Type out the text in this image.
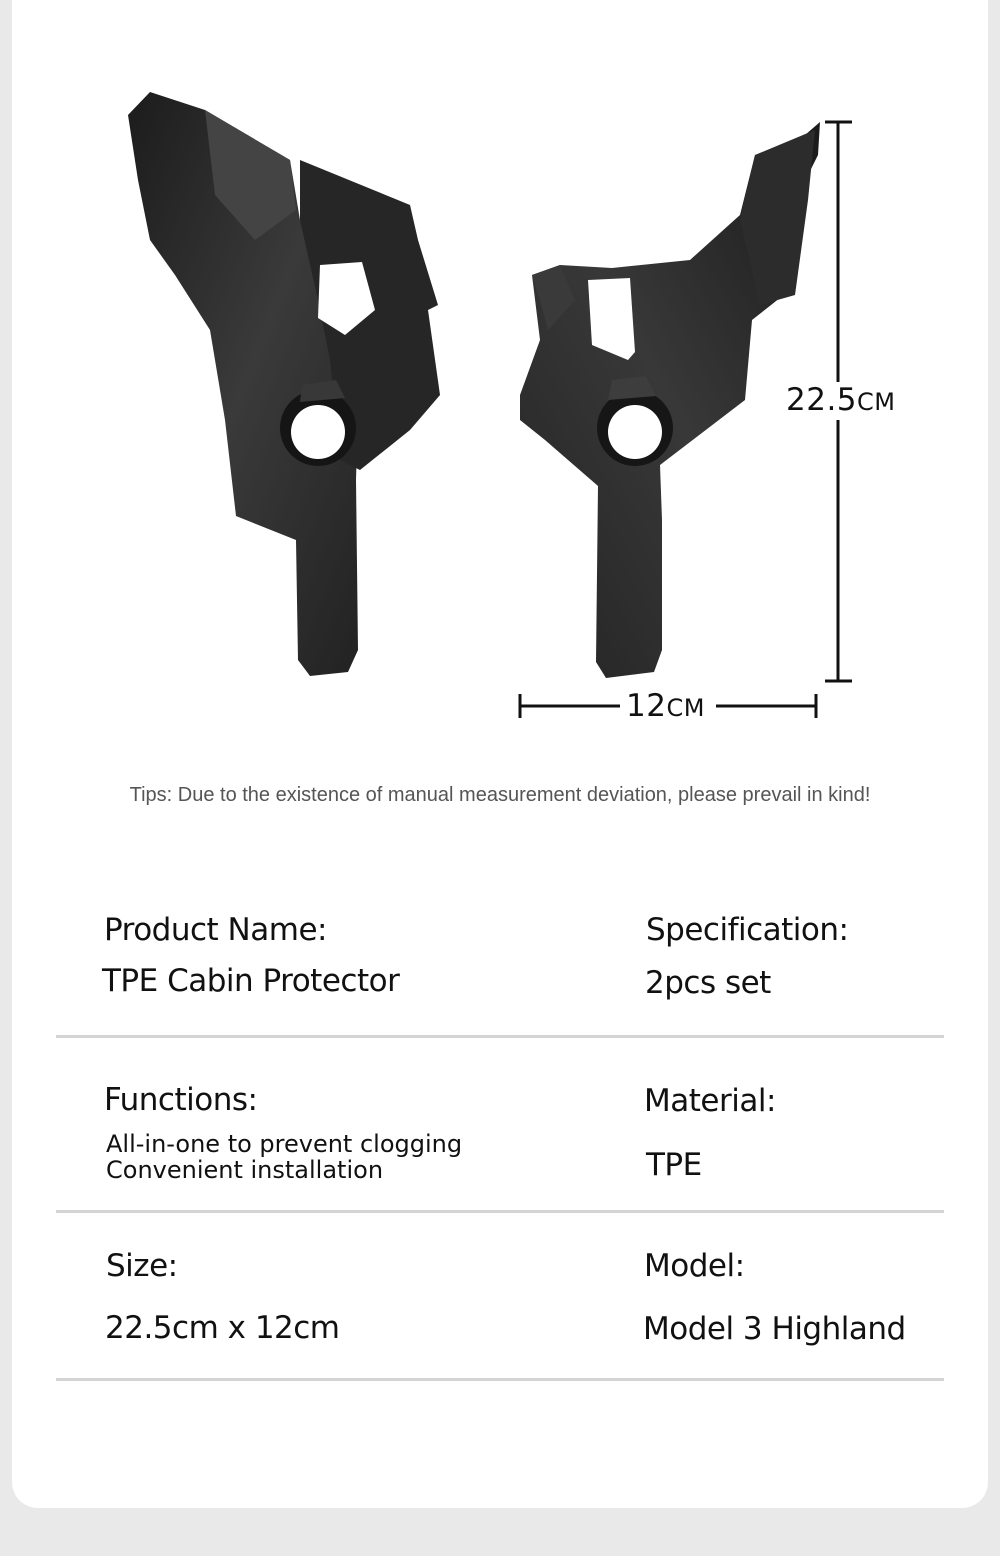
22.5CM
12CM
Tips: Due to the existence of manual measurement deviation, please prevail in kind!
Product Name:
TPE Cabin Protector
Specification:
2pcs set
Functions:
All-in-one to prevent clogging
Convenient installation
Material:
TPE
Size:
22.5cm x 12cm
Model:
Model 3 Highland
